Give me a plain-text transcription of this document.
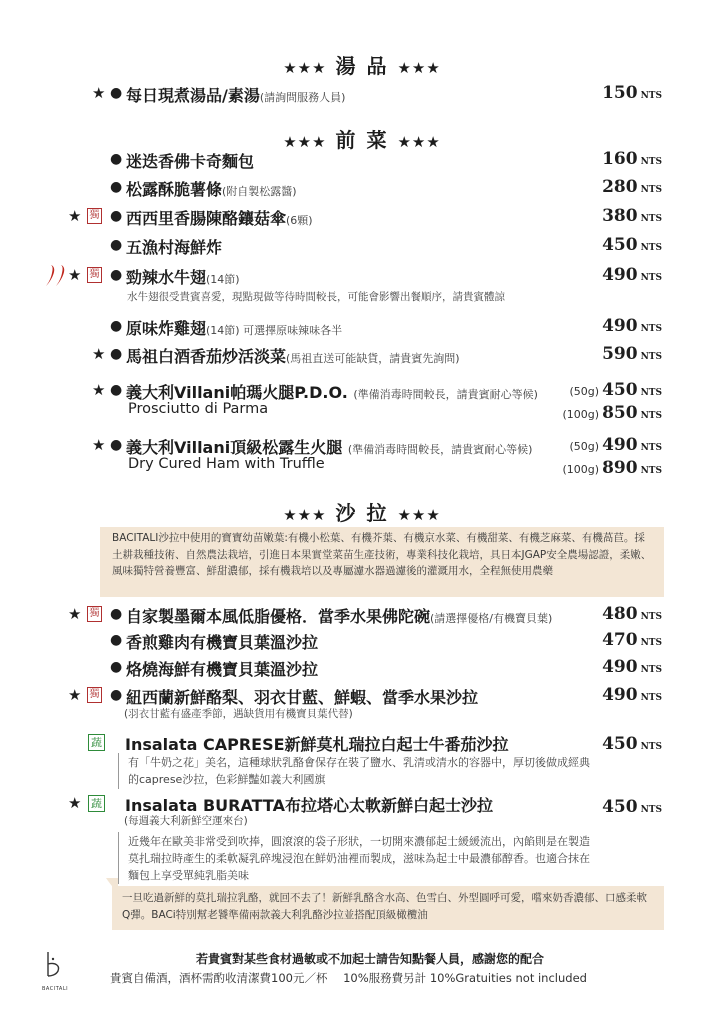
★★★ 湯 品 ★★★
★ ● 每日現煮湯品/素湯(請詢問服務人員)	150 NTS
★★★ 前 菜 ★★★
● 迷迭香佛卡奇麵包	160 NTS
● 松露酥脆薯條(附自製松露醬)	280 NTS
★ 獨 ● 西西里香腸陳酪鑲菇傘(6顆)	380 NTS
● 五漁村海鮮炸	450 NTS
★ 獨 ● 勁辣水牛翅(14節)	490 NTS
水牛翅很受貴賓喜愛，現點現做等待時間較長，可能會影響出餐順序，請貴賓體諒
● 原味炸雞翅(14節) 可選擇原味辣味各半	490 NTS
★ ● 馬祖白酒香茄炒活淡菜(馬祖直送可能缺貨，請貴賓先詢問)	590 NTS
★ ● 義大利Villani帕瑪火腿P.D.O. (準備消毒時間較長，請貴賓耐心等候)	(50g) 450 NTS
Prosciutto di Parma	(100g) 850 NTS
★ ● 義大利Villani頂級松露生火腿 (準備消毒時間較長，請貴賓耐心等候)	(50g) 490 NTS
Dry Cured Ham with Truffle	(100g) 890 NTS
★★★ 沙 拉 ★★★
BACITALI沙拉中使用的寶寶幼苗嫩葉:有機小松葉、有機芥葉、有機京水菜、有機甜菜、有機芝麻菜、有機萵苣。採土耕栽種技術、自然農法栽培，引進日本果實堂菜苗生產技術，專業科技化栽培，具日本JGAP安全農場認證，柔嫩、風味獨特營養豐富、鮮甜濃郁，採有機栽培以及專屬濾水器過濾後的灌溉用水，全程無使用農藥
★ 獨 ● 自家製墨爾本風低脂優格．當季水果佛陀碗(請選擇優格/有機寶貝葉)	480 NTS
● 香煎雞肉有機寶貝葉溫沙拉	470 NTS
● 烙燒海鮮有機寶貝葉溫沙拉	490 NTS
★ 獨 ● 紐西蘭新鮮酪梨、羽衣甘藍、鮮蝦、當季水果沙拉	490 NTS
(羽衣甘藍有盛產季節，遇缺貨用有機寶貝葉代替)
蔬 Insalata CAPRESE新鮮莫札瑞拉白起士牛番茄沙拉	450 NTS
有「牛奶之花」美名，這種球狀乳酪會保存在裝了鹽水、乳清或清水的容器中，厚切後做成經典的caprese沙拉，色彩鮮豔如義大利國旗
★ 蔬 Insalata BURATTA布拉塔心太軟新鮮白起士沙拉	450 NTS
(每週義大利新鮮空運來台)
近幾年在歐美非常受到吹捧，圓滾滾的袋子形狀，一切開來濃郁起士緩緩流出，內餡則是在製造莫扎瑞拉時產生的柔軟凝乳碎塊浸泡在鮮奶油裡而製成，滋味為起士中最濃郁醇香。也適合抹在麵包上享受單純乳脂美味
一旦吃過新鮮的莫扎瑞拉乳酪，就回不去了！新鮮乳酪含水高、色雪白、外型圓呼可愛，嚐來奶香濃郁、口感柔軟Q彈。BACi特別幫老饕準備兩款義大利乳酪沙拉並搭配頂級橄欖油
BACITALI
若貴賓對某些食材過敏或不加起士請告知點餐人員，感謝您的配合
貴賓自備酒，酒杯需酌收清潔費100元／杯 10%服務費另計 10%Gratuities not included
